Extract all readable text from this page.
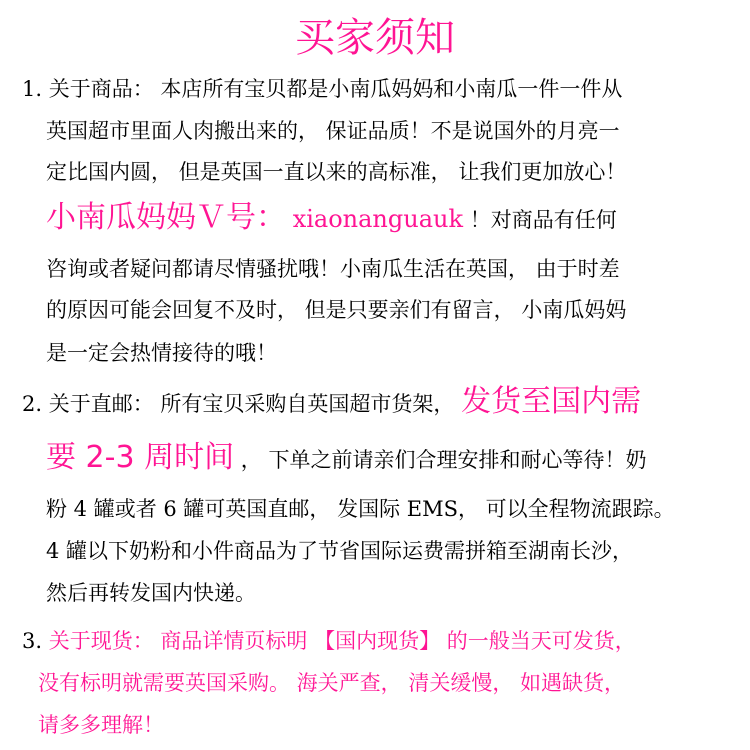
买家须知
1. 关于商品： 本店所有宝贝都是小南瓜妈妈和小南瓜一件一件从
英国超市里面人肉搬出来的， 保证品质！不是说国外的月亮一
定比国内圆， 但是英国一直以来的高标准， 让我们更加放心！
小南瓜妈妈Ｖ号： xiaonanguauk ！对商品有任何
咨询或者疑问都请尽情骚扰哦！小南瓜生活在英国， 由于时差
的原因可能会回复不及时， 但是只要亲们有留言， 小南瓜妈妈
是一定会热情接待的哦！
2. 关于直邮： 所有宝贝采购自英国超市货架， 发货至国内需
要 2-3 周时间 ， 下单之前请亲们合理安排和耐心等待！奶
粉 4 罐或者 6 罐可英国直邮， 发国际 EMS， 可以全程物流跟踪。
4 罐以下奶粉和小件商品为了节省国际运费需拼箱至湖南长沙，
然后再转发国内快递。
3. 关于现货： 商品详情页标明 【国内现货】 的一般当天可发货，
没有标明就需要英国采购。 海关严查， 清关缓慢， 如遇缺货，
请多多理解！
